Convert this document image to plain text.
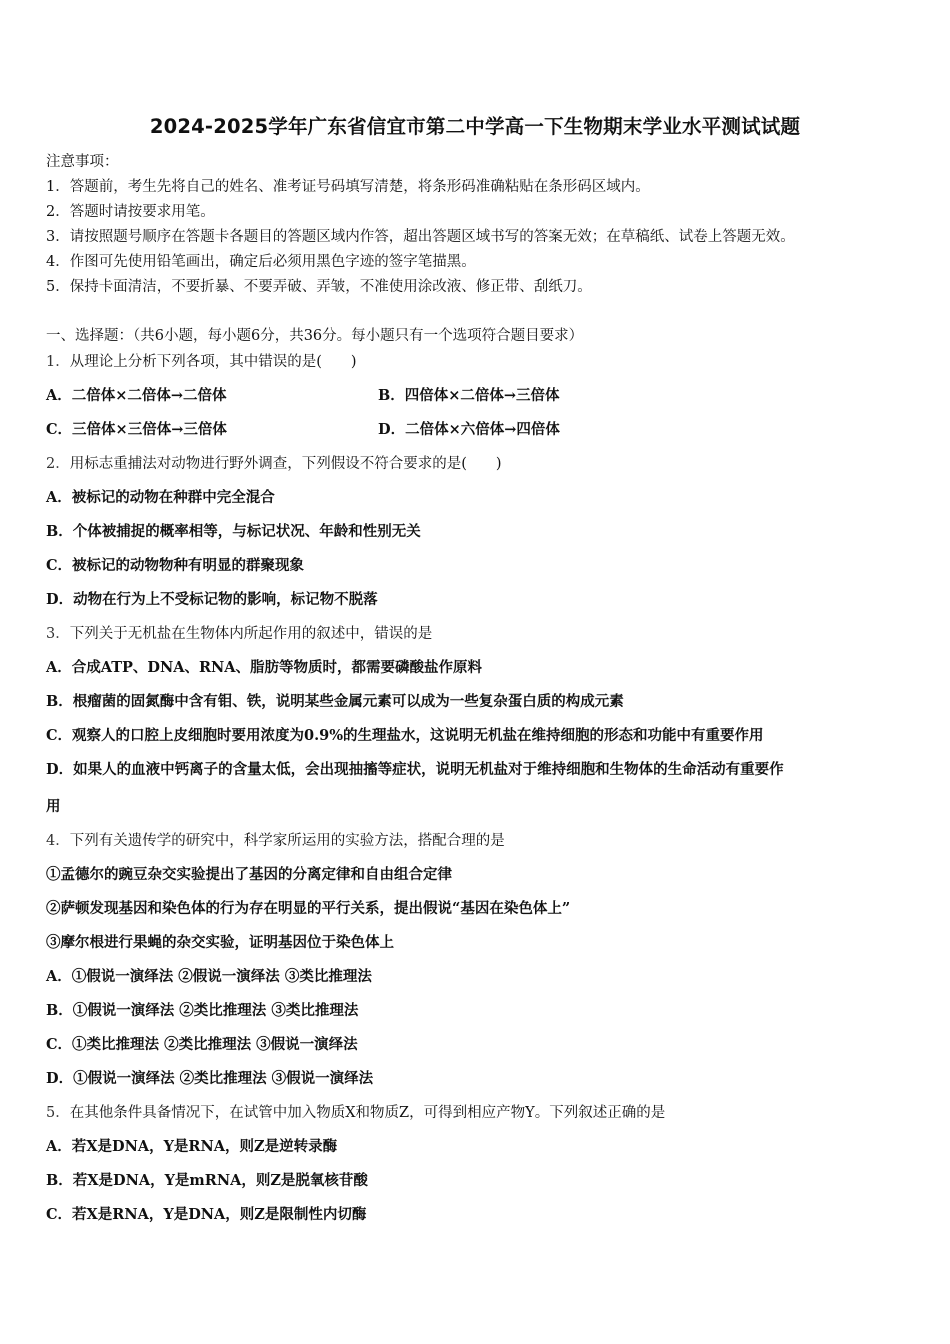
2024-2025学年广东省信宜市第二中学高一下生物期末学业水平测试试题
注意事项：
1．答题前，考生先将自己的姓名、准考证号码填写清楚，将条形码准确粘贴在条形码区域内。
2．答题时请按要求用笔。
3．请按照题号顺序在答题卡各题目的答题区域内作答，超出答题区域书写的答案无效；在草稿纸、试卷上答题无效。
4．作图可先使用铅笔画出，确定后必须用黑色字迹的签字笔描黑。
5．保持卡面清洁，不要折暴、不要弄破、弄皱，不准使用涂改液、修正带、刮纸刀。
一、选择题：（共6小题，每小题6分，共36分。每小题只有一个选项符合题目要求）
1．从理论上分析下列各项，其中错误的是(　　)
A．二倍体×二倍体→二倍体	B．四倍体×二倍体→三倍体
C．三倍体×三倍体→三倍体	D．二倍体×六倍体→四倍体
2．用标志重捕法对动物进行野外调查，下列假设不符合要求的是(　　)
A．被标记的动物在种群中完全混合
B．个体被捕捉的概率相等，与标记状况、年龄和性别无关
C．被标记的动物物种有明显的群聚现象
D．动物在行为上不受标记物的影响，标记物不脱落
3．下列关于无机盐在生物体内所起作用的叙述中，错误的是
A．合成ATP、DNA、RNA、脂肪等物质时，都需要磷酸盐作原料
B．根瘤菌的固氮酶中含有钼、铁，说明某些金属元素可以成为一些复杂蛋白质的构成元素
C．观察人的口腔上皮细胞时要用浓度为0.9%的生理盐水，这说明无机盐在维持细胞的形态和功能中有重要作用
D．如果人的血液中钙离子的含量太低，会出现抽搐等症状，说明无机盐对于维持细胞和生物体的生命活动有重要作
用
4．下列有关遗传学的研究中，科学家所运用的实验方法，搭配合理的是
①孟德尔的豌豆杂交实验提出了基因的分离定律和自由组合定律
②萨顿发现基因和染色体的行为存在明显的平行关系，提出假说“基因在染色体上”
③摩尔根进行果蝇的杂交实验，证明基因位于染色体上
A．①假说一演绎法 ②假说一演绎法 ③类比推理法
B．①假说一演绎法 ②类比推理法 ③类比推理法
C．①类比推理法 ②类比推理法 ③假说一演绎法
D．①假说一演绎法 ②类比推理法 ③假说一演绎法
5．在其他条件具备情况下，在试管中加入物质X和物质Z，可得到相应产物Y。下列叙述正确的是
A．若X是DNA，Y是RNA，则Z是逆转录酶
B．若X是DNA，Y是mRNA，则Z是脱氧核苷酸
C．若X是RNA，Y是DNA，则Z是限制性内切酶
